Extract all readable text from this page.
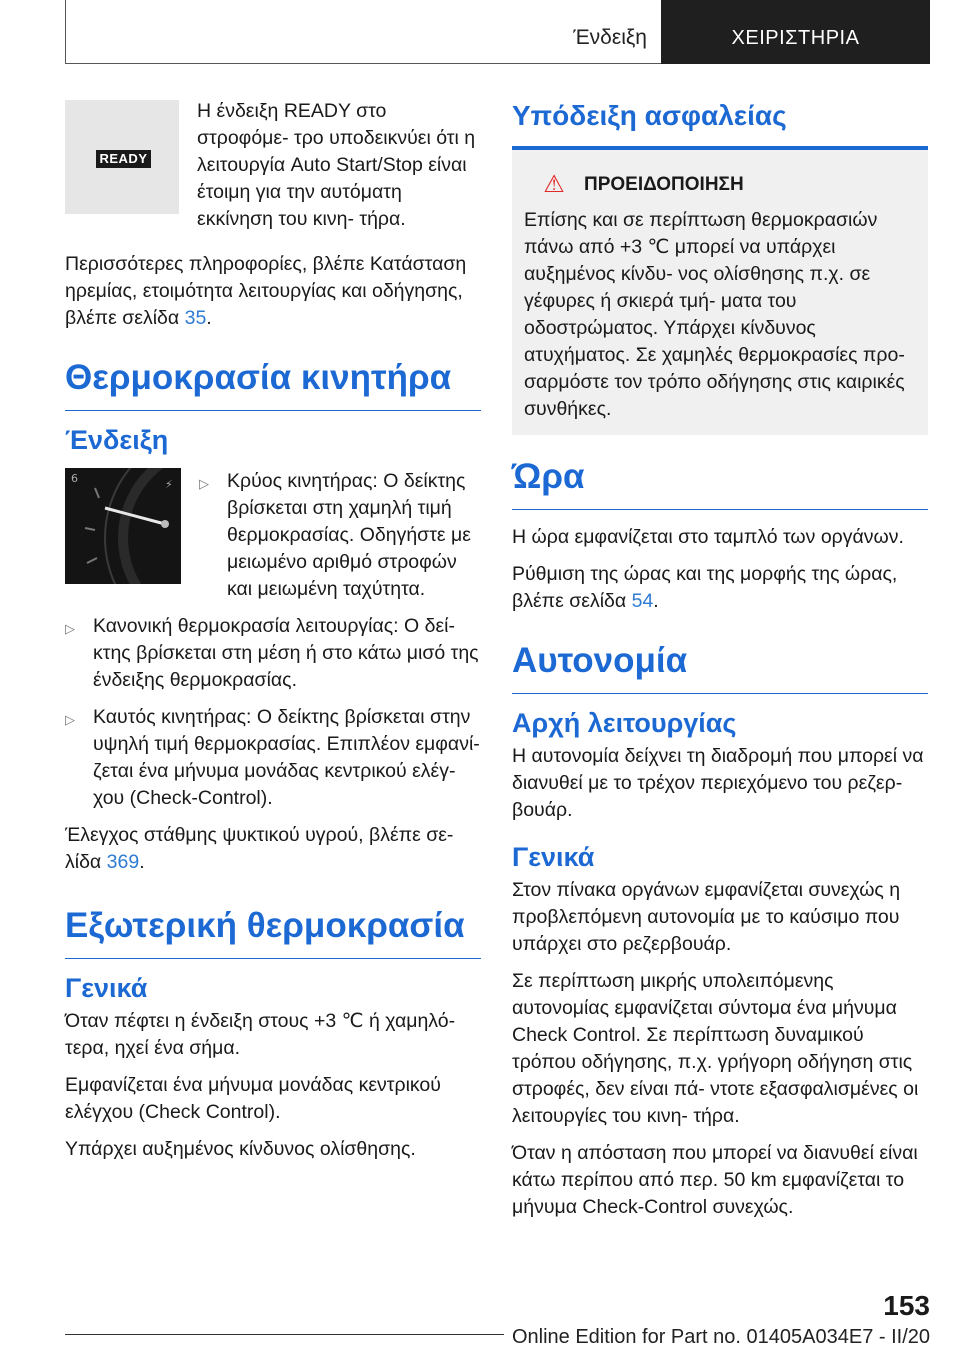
Ένδειξη	ΧΕΙΡΙΣΤΗΡΙΑ
READY

Η ένδειξη READY στο στροφόμε‐ τρο υποδεικνύει ότι η λειτουργία Auto Start/Stop είναι έτοιμη για την αυτόματη εκκίνηση του κινη‐ τήρα.

Περισσότερες πληροφορίες, βλέπε Κατάσταση ηρεμίας, ετοιμότητα λειτουργίας και οδήγησης, βλέπε σελίδα 35.

Θερμοκρασία κινητήρα
Ένδειξη
6	⚡ ▷ Κρύος κινητήρας: Ο δείκτης βρίσκεται στη χαμηλή τιμή θερμοκρασίας. Οδηγήστε με μειωμένο αριθμό στροφών και μειωμένη ταχύτητα.
▷ Κανονική θερμοκρασία λειτουργίας: Ο δεί‐ κτης βρίσκεται στη μέση ή στο κάτω μισό της ένδειξης θερμοκρασίας.
▷ Καυτός κινητήρας: Ο δείκτης βρίσκεται στην υψηλή τιμή θερμοκρασίας. Επιπλέον εμφανί‐ ζεται ένα μήνυμα μονάδας κεντρικού ελέγ‐ χου (Check-Control).

Έλεγχος στάθμης ψυκτικού υγρού, βλέπε σε‐ λίδα 369.

Εξωτερική θερμοκρασία
Γενικά

Όταν πέφτει η ένδειξη στους +3 ℃ ή χαμηλό‐ τερα, ηχεί ένα σήμα.

Εμφανίζεται ένα μήνυμα μονάδας κεντρικού ελέγχου (Check Control).

Υπάρχει αυξημένος κίνδυνος ολίσθησης.

Υπόδειξη ασφαλείας
⚠	ΠΡΟΕΙΔΟΠΟΙΗΣΗ

Επίσης και σε περίπτωση θερμοκρασιών πάνω από +3 ℃ μπορεί να υπάρχει αυξημένος κίνδυ‐ νος ολίσθησης π.χ. σε γέφυρες ή σκιερά τμή‐ ματα του οδοστρώματος. Υπάρχει κίνδυνος ατυχήματος. Σε χαμηλές θερμοκρασίες προ‐ σαρμόστε τον τρόπο οδήγησης στις καιρικές συνθήκες.

Ώρα

Η ώρα εμφανίζεται στο ταμπλό των οργάνων.

Ρύθμιση της ώρας και της μορφής της ώρας, βλέπε σελίδα 54.

Αυτονομία
Αρχή λειτουργίας

Η αυτονομία δείχνει τη διαδρομή που μπορεί να διανυθεί με το τρέχον περιεχόμενο του ρεζερ‐ βουάρ.

Γενικά

Στον πίνακα οργάνων εμφανίζεται συνεχώς η προβλεπόμενη αυτονομία με το καύσιμο που υπάρχει στο ρεζερβουάρ.

Σε περίπτωση μικρής υπολειπόμενης αυτονομίας εμφανίζεται σύντομα ένα μήνυμα Check Control. Σε περίπτωση δυναμικού τρόπου οδήγησης, π.χ. γρήγορη οδήγηση στις στροφές, δεν είναι πά‐ ντοτε εξασφαλισμένες οι λειτουργίες του κινη‐ τήρα.

Όταν η απόσταση που μπορεί να διανυθεί είναι κάτω περίπου από περ. 50 km εμφανίζεται το μήνυμα Check-Control συνεχώς.

153
Online Edition for Part no. 01405A034E7 - II/20
